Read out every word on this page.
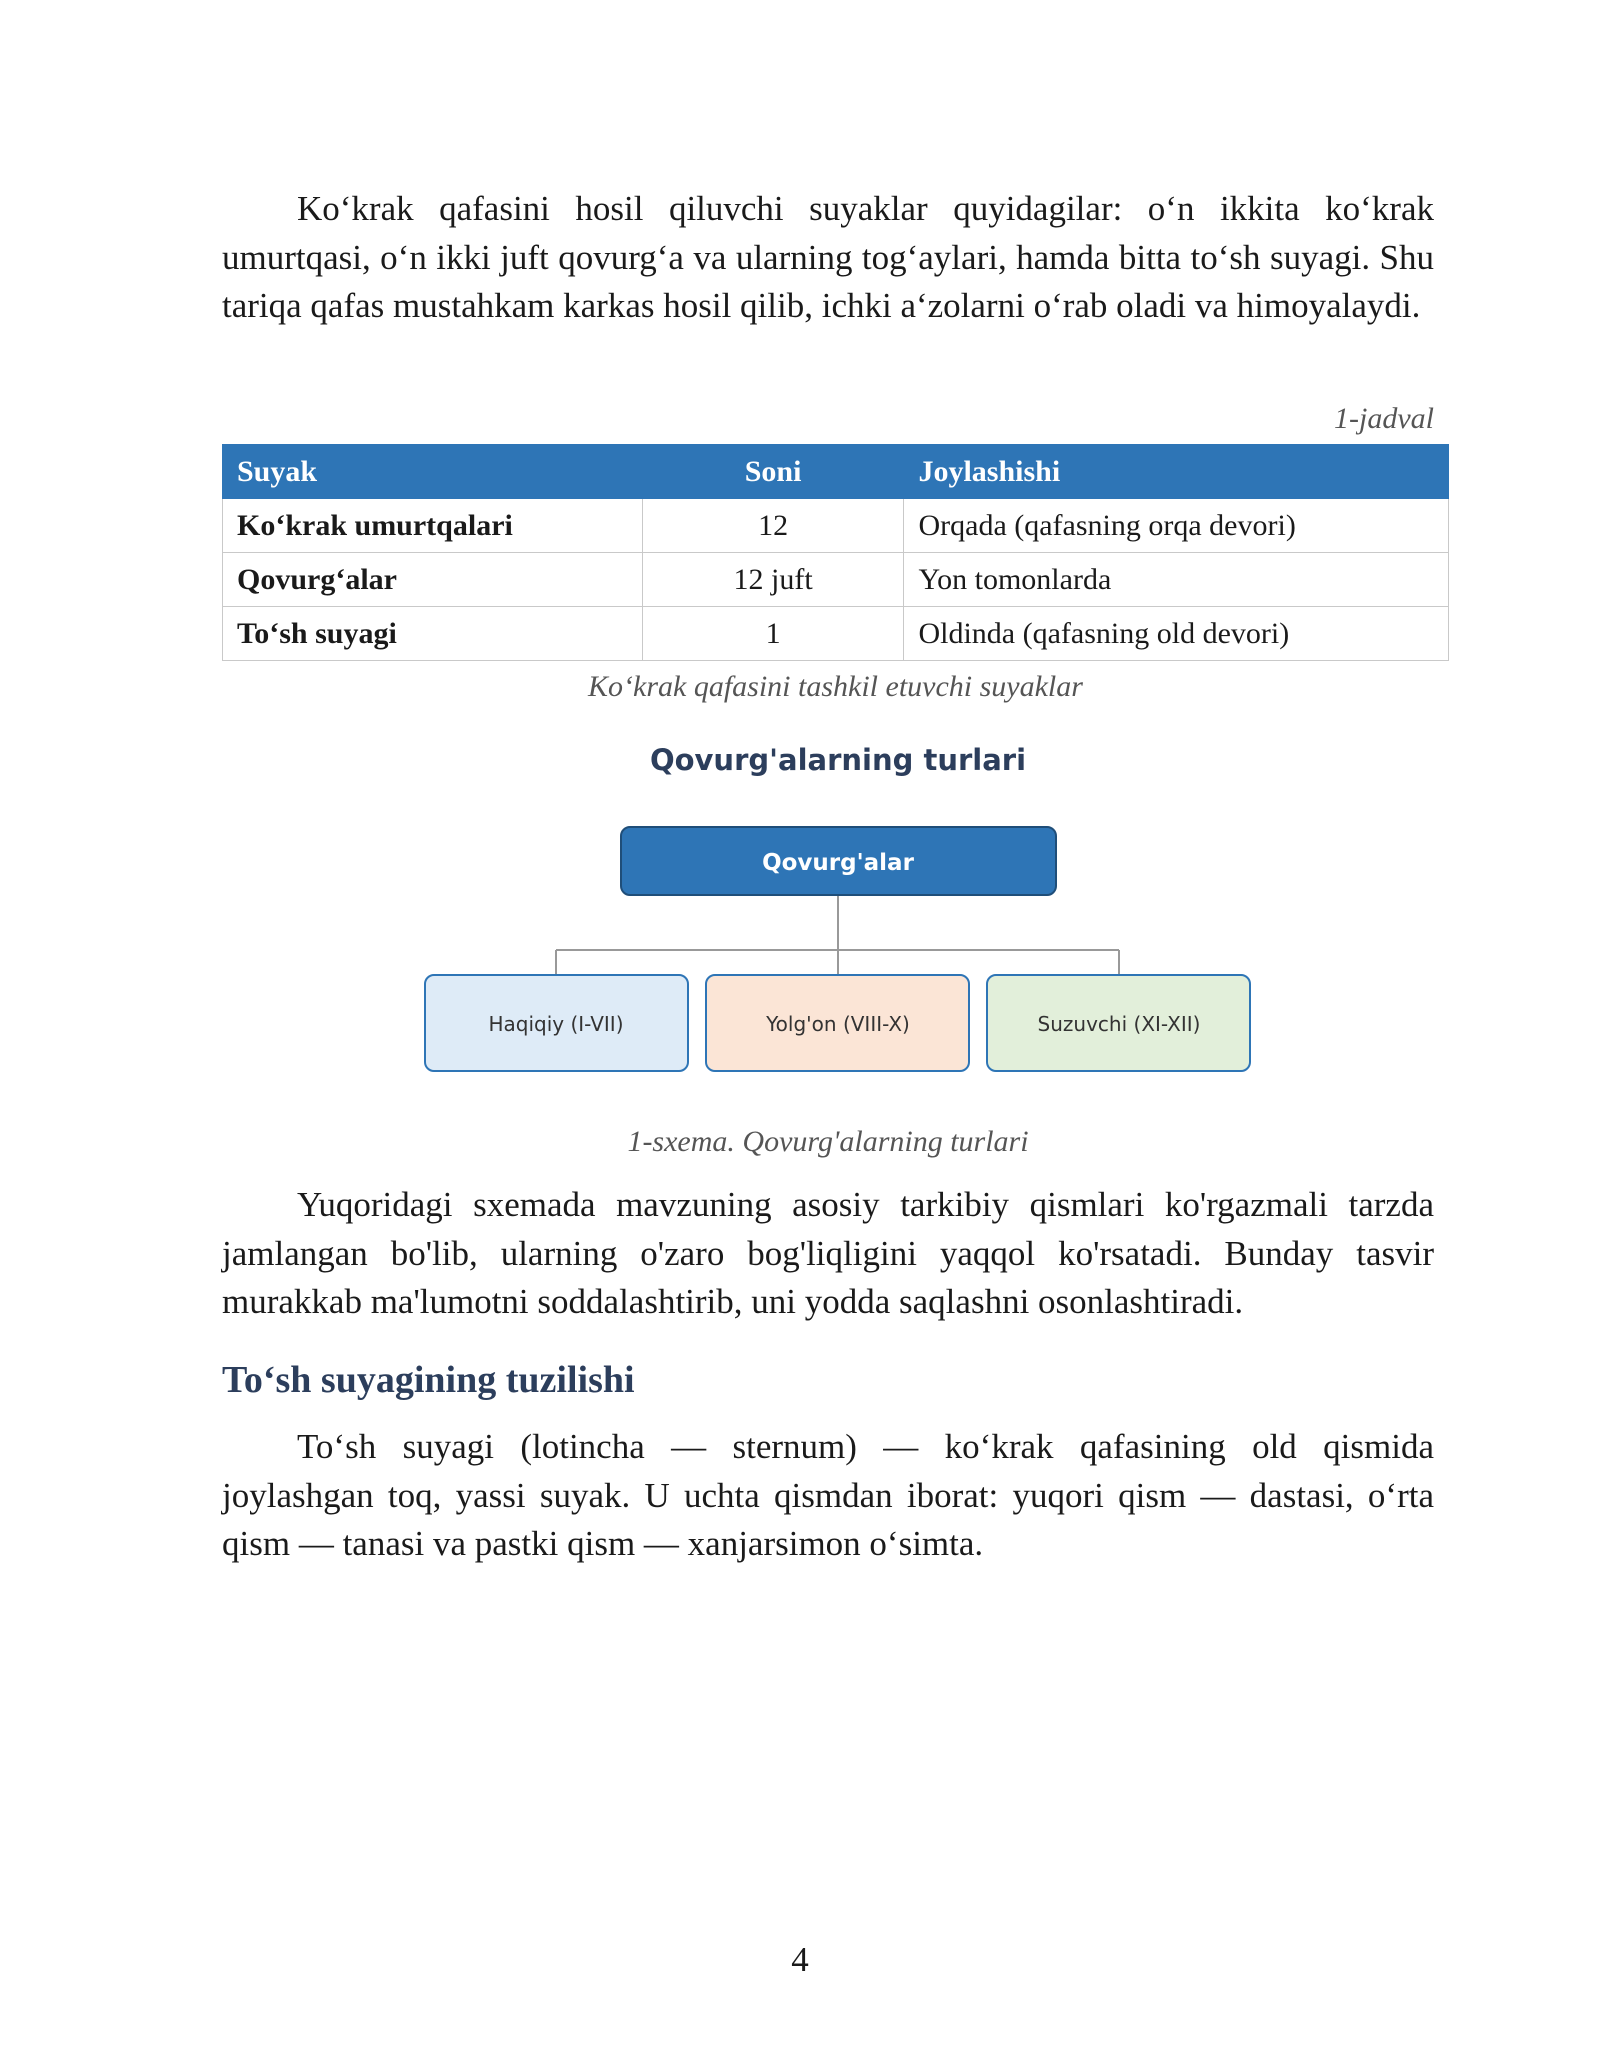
Ko‘krak qafasini hosil qiluvchi suyaklar quyidagilar: o‘n ikkita ko‘krak umurtqasi, o‘n ikki juft qovurg‘a va ularning tog‘aylari, hamda bitta to‘sh suyagi. Shu tariqa qafas mustahkam karkas hosil qilib, ichki a‘zolarni o‘rab oladi va himoyalaydi.

1-jadval
Suyak	Soni	Joylashishi
Ko‘krak umurtqalari	12	Orqada (qafasning orqa devori)
Qovurg‘alar	12 juft	Yon tomonlarda
To‘sh suyagi	1	Oldinda (qafasning old devori)
Ko‘krak qafasini tashkil etuvchi suyaklar
Qovurg'alarning turlari
Qovurg'alar
Haqiqiy (I-VII)	Yolg'on (VIII-X)	Suzuvchi (XI-XII)
1-sxema. Qovurg'alarning turlari

Yuqoridagi sxemada mavzuning asosiy tarkibiy qismlari ko'rgazmali tarzda jamlangan bo'lib, ularning o'zaro bog'liqligini yaqqol ko'rsatadi. Bunday tasvir murakkab ma'lumotni soddalashtirib, uni yodda saqlashni osonlashtiradi.

To‘sh suyagining tuzilishi

To‘sh suyagi (lotincha — sternum) — ko‘krak qafasining old qismida joylashgan toq, yassi suyak. U uchta qismdan iborat: yuqori qism — dastasi, o‘rta qism — tanasi va pastki qism — xanjarsimon o‘simta.

4
